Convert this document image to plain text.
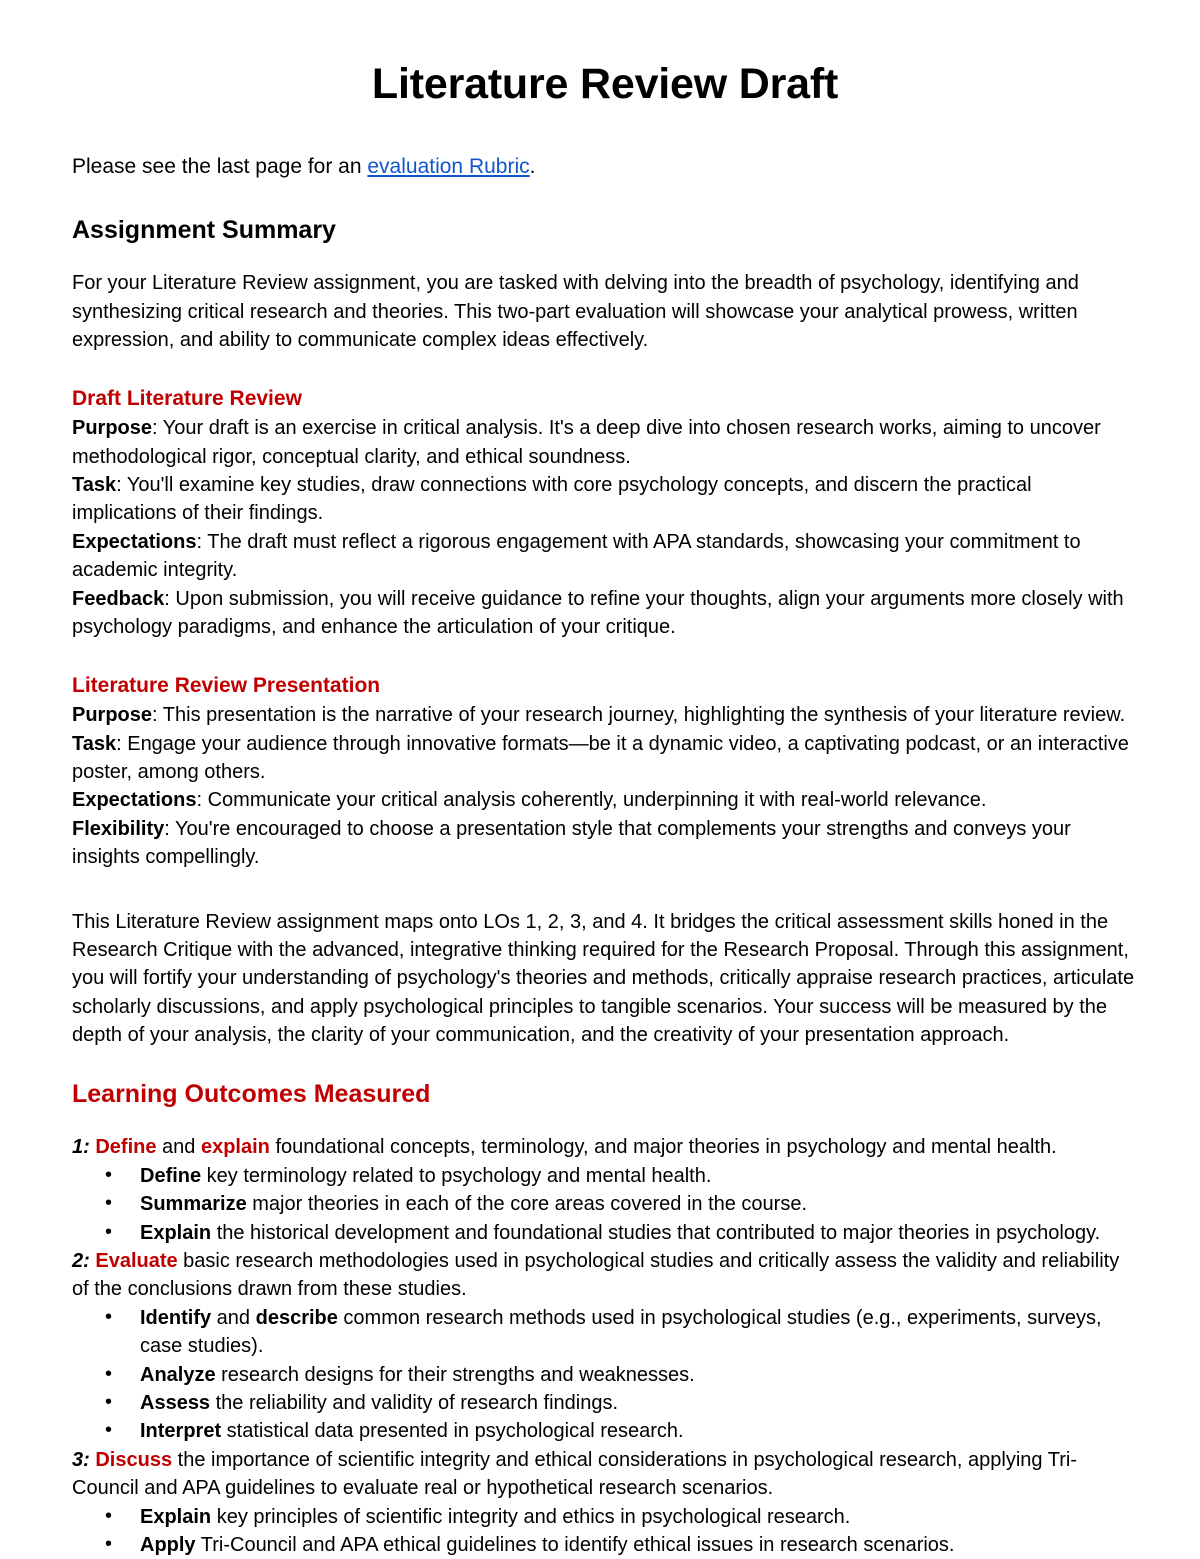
Literature Review Draft

Please see the last page for an evaluation Rubric.

Assignment Summary

For your Literature Review assignment, you are tasked with delving into the breadth of psychology, identifying and synthesizing critical research and theories. This two-part evaluation will showcase your analytical prowess, written expression, and ability to communicate complex ideas effectively.

Draft Literature Review

Purpose: Your draft is an exercise in critical analysis. It's a deep dive into chosen research works, aiming to uncover methodological rigor, conceptual clarity, and ethical soundness.

Task: You'll examine key studies, draw connections with core psychology concepts, and discern the practical implications of their findings.

Expectations: The draft must reflect a rigorous engagement with APA standards, showcasing your commitment to academic integrity.

Feedback: Upon submission, you will receive guidance to refine your thoughts, align your arguments more closely with psychology paradigms, and enhance the articulation of your critique.

Literature Review Presentation

Purpose: This presentation is the narrative of your research journey, highlighting the synthesis of your literature review.

Task: Engage your audience through innovative formats—be it a dynamic video, a captivating podcast, or an interactive poster, among others.

Expectations: Communicate your critical analysis coherently, underpinning it with real-world relevance.

Flexibility: You're encouraged to choose a presentation style that complements your strengths and conveys your insights compellingly.

This Literature Review assignment maps onto LOs 1, 2, 3, and 4. It bridges the critical assessment skills honed in the Research Critique with the advanced, integrative thinking required for the Research Proposal. Through this assignment, you will fortify your understanding of psychology's theories and methods, critically appraise research practices, articulate scholarly discussions, and apply psychological principles to tangible scenarios. Your success will be measured by the depth of your analysis, the clarity of your communication, and the creativity of your presentation approach.

Learning Outcomes Measured

1: Define and explain foundational concepts, terminology, and major theories in psychology and mental health.

• Define key terminology related to psychology and mental health.
• Summarize major theories in each of the core areas covered in the course.
• Explain the historical development and foundational studies that contributed to major theories in psychology.

2: Evaluate basic research methodologies used in psychological studies and critically assess the validity and reliability of the conclusions drawn from these studies.

• Identify and describe common research methods used in psychological studies (e.g., experiments, surveys, case studies).
• Analyze research designs for their strengths and weaknesses.
• Assess the reliability and validity of research findings.
• Interpret statistical data presented in psychological research.

3: Discuss the importance of scientific integrity and ethical considerations in psychological research, applying Tri-Council and APA guidelines to evaluate real or hypothetical research scenarios.

• Explain key principles of scientific integrity and ethics in psychological research.
• Apply Tri-Council and APA ethical guidelines to identify ethical issues in research scenarios.
